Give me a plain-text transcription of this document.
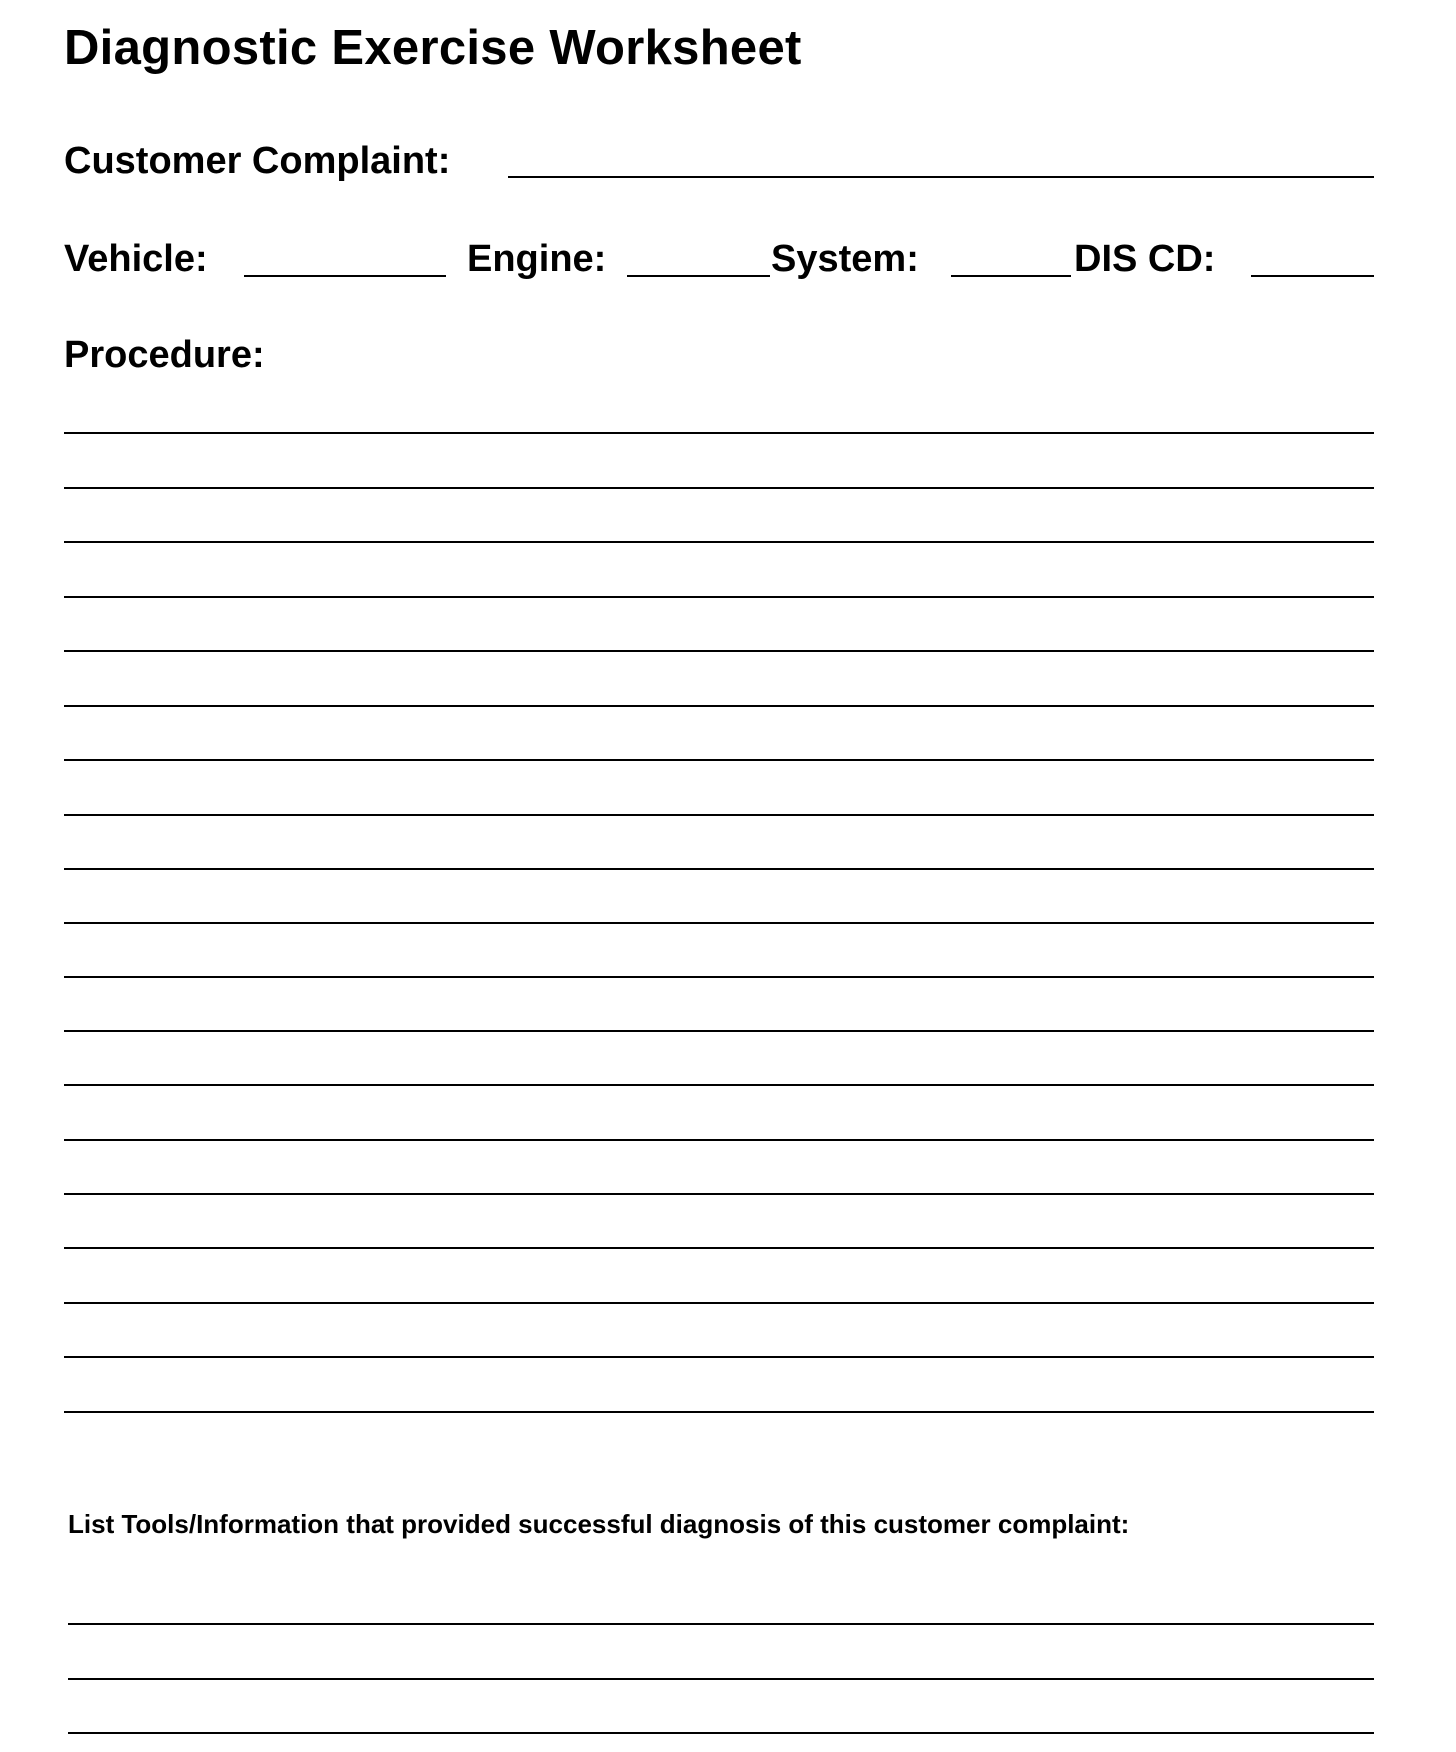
Diagnostic Exercise Worksheet
Customer Complaint:
Vehicle:	Engine:	System:	DIS CD:
Procedure:
List Tools/Information that provided successful diagnosis of this customer complaint:
